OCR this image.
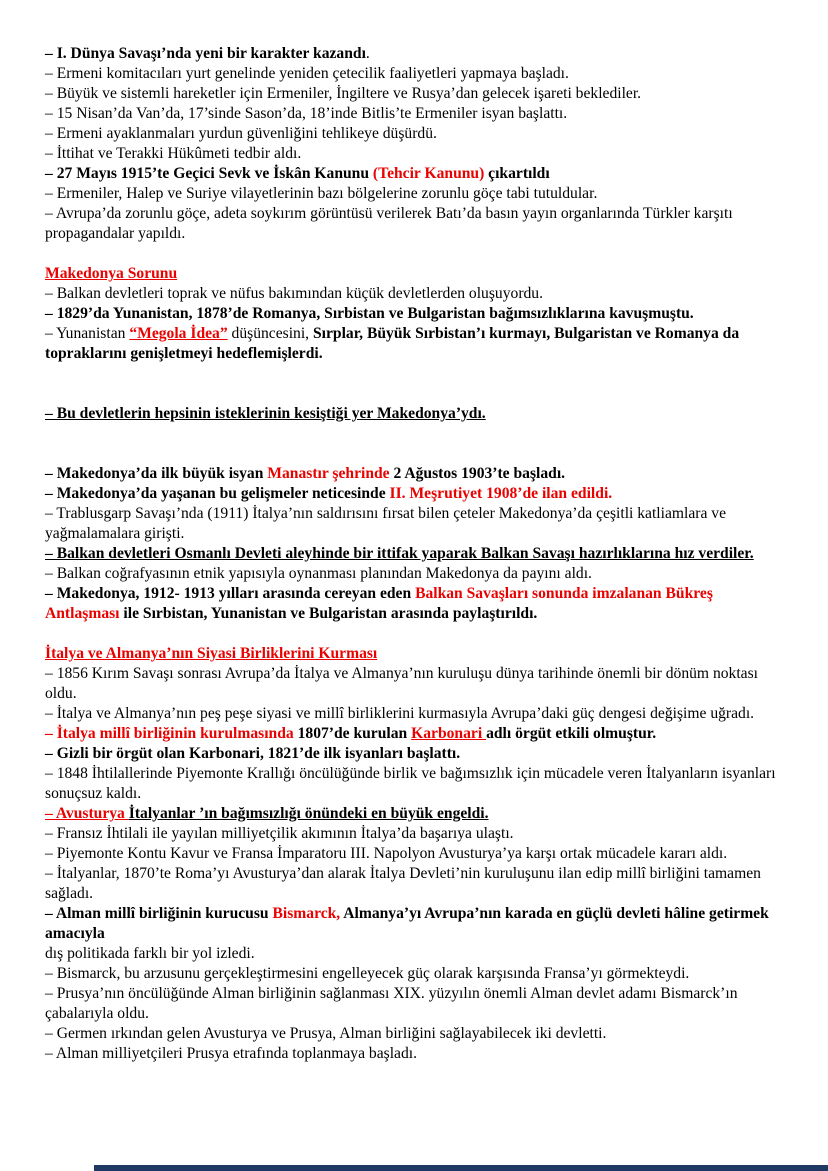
– I. Dünya Savaşı’nda yeni bir karakter kazandı.

– Ermeni komitacıları yurt genelinde yeniden çetecilik faaliyetleri yapmaya başladı.

– Büyük ve sistemli hareketler için Ermeniler, İngiltere ve Rusya’dan gelecek işareti beklediler.

– 15 Nisan’da Van’da, 17’sinde Sason’da, 18’inde Bitlis’te Ermeniler isyan başlattı.

– Ermeni ayaklanmaları yurdun güvenliğini tehlikeye düşürdü.

– İttihat ve Terakki Hükûmeti tedbir aldı.

– 27 Mayıs 1915’te Geçici Sevk ve İskân Kanunu (Tehcir Kanunu) çıkartıldı

– Ermeniler, Halep ve Suriye vilayetlerinin bazı bölgelerine zorunlu göçe tabi tutuldular.

– Avrupa’da zorunlu göçe, adeta soykırım görüntüsü verilerek Batı’da basın yayın organlarında Türkler karşıtı propagandalar yapıldı.

Makedonya Sorunu

– Balkan devletleri toprak ve nüfus bakımından küçük devletlerden oluşuyordu.

– 1829’da Yunanistan, 1878’de Romanya, Sırbistan ve Bulgaristan bağımsızlıklarına kavuşmuştu.

– Yunanistan “Megola İdea” düşüncesini, Sırplar, Büyük Sırbistan’ı kurmayı, Bulgaristan ve Romanya da topraklarını genişletmeyi hedeflemişlerdi.

– Bu devletlerin hepsinin isteklerinin kesiştiği yer Makedonya’ydı.

– Makedonya’da ilk büyük isyan Manastır şehrinde 2 Ağustos 1903’te başladı.

– Makedonya’da yaşanan bu gelişmeler neticesinde II. Meşrutiyet 1908’de ilan edildi.

– Trablusgarp Savaşı’nda (1911) İtalya’nın saldırısını fırsat bilen çeteler Makedonya’da çeşitli katliamlara ve yağmalamalara girişti.

– Balkan devletleri Osmanlı Devleti aleyhinde bir ittifak yaparak Balkan Savaşı hazırlıklarına hız verdiler.

– Balkan coğrafyasının etnik yapısıyla oynanması planından Makedonya da payını aldı.

– Makedonya, 1912- 1913 yılları arasında cereyan eden Balkan Savaşları sonunda imzalanan Bükreş Antlaşması ile Sırbistan, Yunanistan ve Bulgaristan arasında paylaştırıldı.

İtalya ve Almanya’nın Siyasi Birliklerini Kurması

– 1856 Kırım Savaşı sonrası Avrupa’da İtalya ve Almanya’nın kuruluşu dünya tarihinde önemli bir dönüm noktası oldu.

– İtalya ve Almanya’nın peş peşe siyasi ve millî birliklerini kurmasıyla Avrupa’daki güç dengesi değişime uğradı.

– İtalya millî birliğinin kurulmasında 1807’de kurulan Karbonari adlı örgüt etkili olmuştur.

– Gizli bir örgüt olan Karbonari, 1821’de ilk isyanları başlattı.

– 1848 İhtilallerinde Piyemonte Krallığı öncülüğünde birlik ve bağımsızlık için mücadele veren İtalyanların isyanları sonuçsuz kaldı.

– Avusturya İtalyanlar ’ın bağımsızlığı önündeki en büyük engeldi.

– Fransız İhtilali ile yayılan milliyetçilik akımının İtalya’da başarıya ulaştı.

– Piyemonte Kontu Kavur ve Fransa İmparatoru III. Napolyon Avusturya’ya karşı ortak mücadele kararı aldı.

– İtalyanlar, 1870’te Roma’yı Avusturya’dan alarak İtalya Devleti’nin kuruluşunu ilan edip millî birliğini tamamen sağladı.

– Alman millî birliğinin kurucusu Bismarck, Almanya’yı Avrupa’nın karada en güçlü devleti hâline getirmek amacıyla
dış politikada farklı bir yol izledi.

– Bismarck, bu arzusunu gerçekleştirmesini engelleyecek güç olarak karşısında Fransa’yı görmekteydi.

– Prusya’nın öncülüğünde Alman birliğinin sağlanması XIX. yüzyılın önemli Alman devlet adamı Bismarck’ın çabalarıyla oldu.

– Germen ırkından gelen Avusturya ve Prusya, Alman birliğini sağlayabilecek iki devletti.

– Alman milliyetçileri Prusya etrafında toplanmaya başladı.
